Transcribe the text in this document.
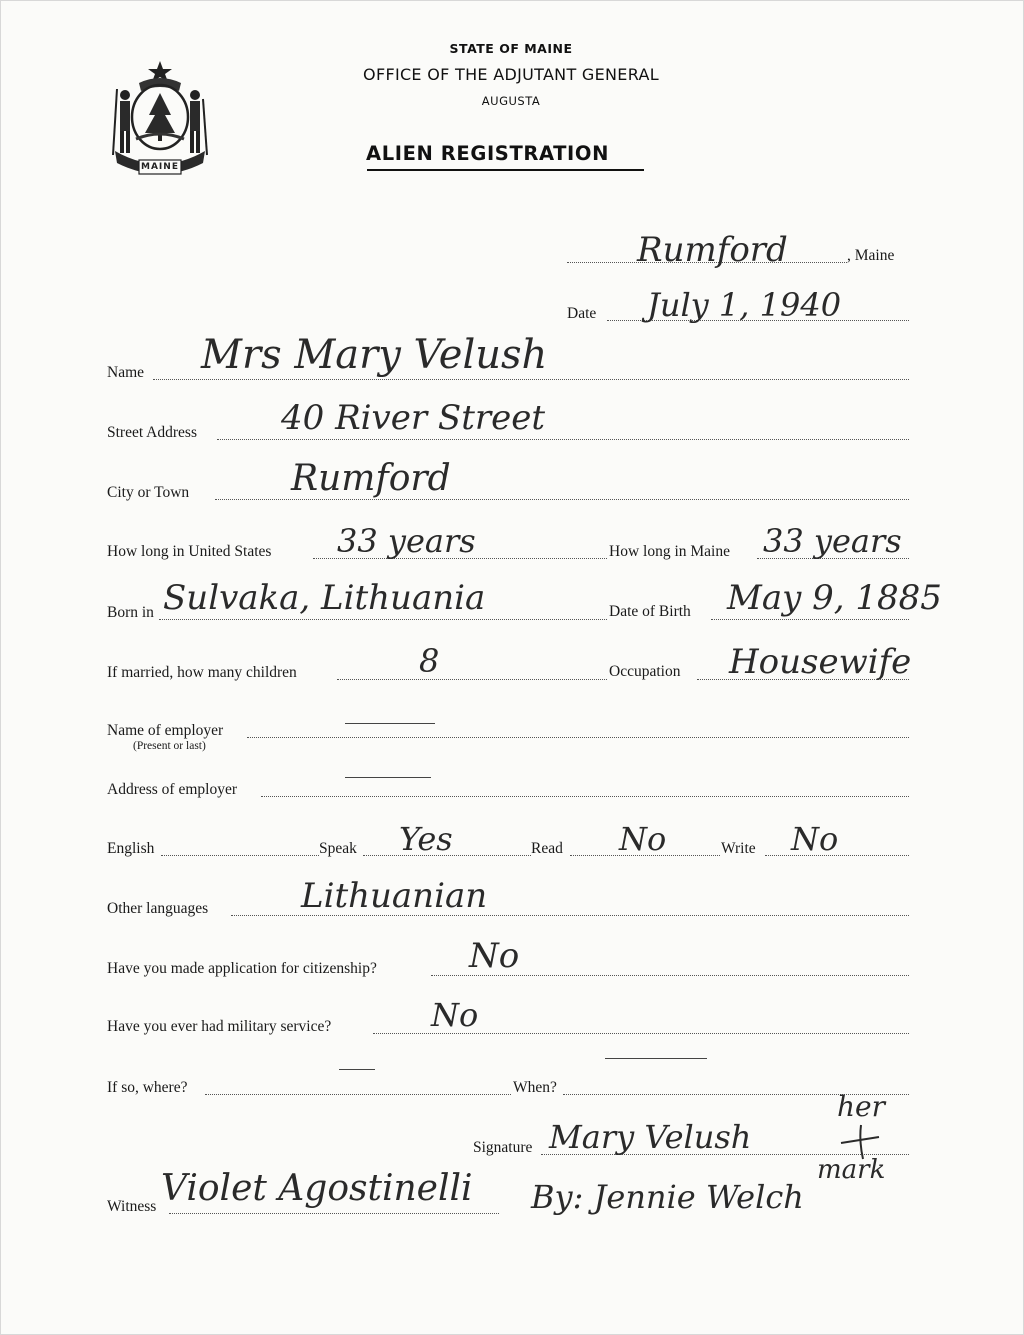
MAINE
STATE OF MAINE
OFFICE OF THE ADJUTANT GENERAL
AUGUSTA
ALIEN REGISTRATION
Rumford	, Maine
Date July 1, 1940
Name Mrs Mary Velush
Street Address 40 River Street
City or Town	Rumford
How long in United States 33 years	How long in Maine 33 years
Born in Sulvaka, Lithuania	Date of Birth May 9, 1885
If married, how many children	8	Occupation Housewife
Name of employer
(Present or last)
Address of employer
English	Speak Yes	Read No	Write No
Other languages	Lithuanian
Have you made application for citizenship?	No
Have you ever had military service?	No
If so, where?	When?
Signature Mary Velush
her
mark
Witness Violet Agostinelli By: Jennie Welch
